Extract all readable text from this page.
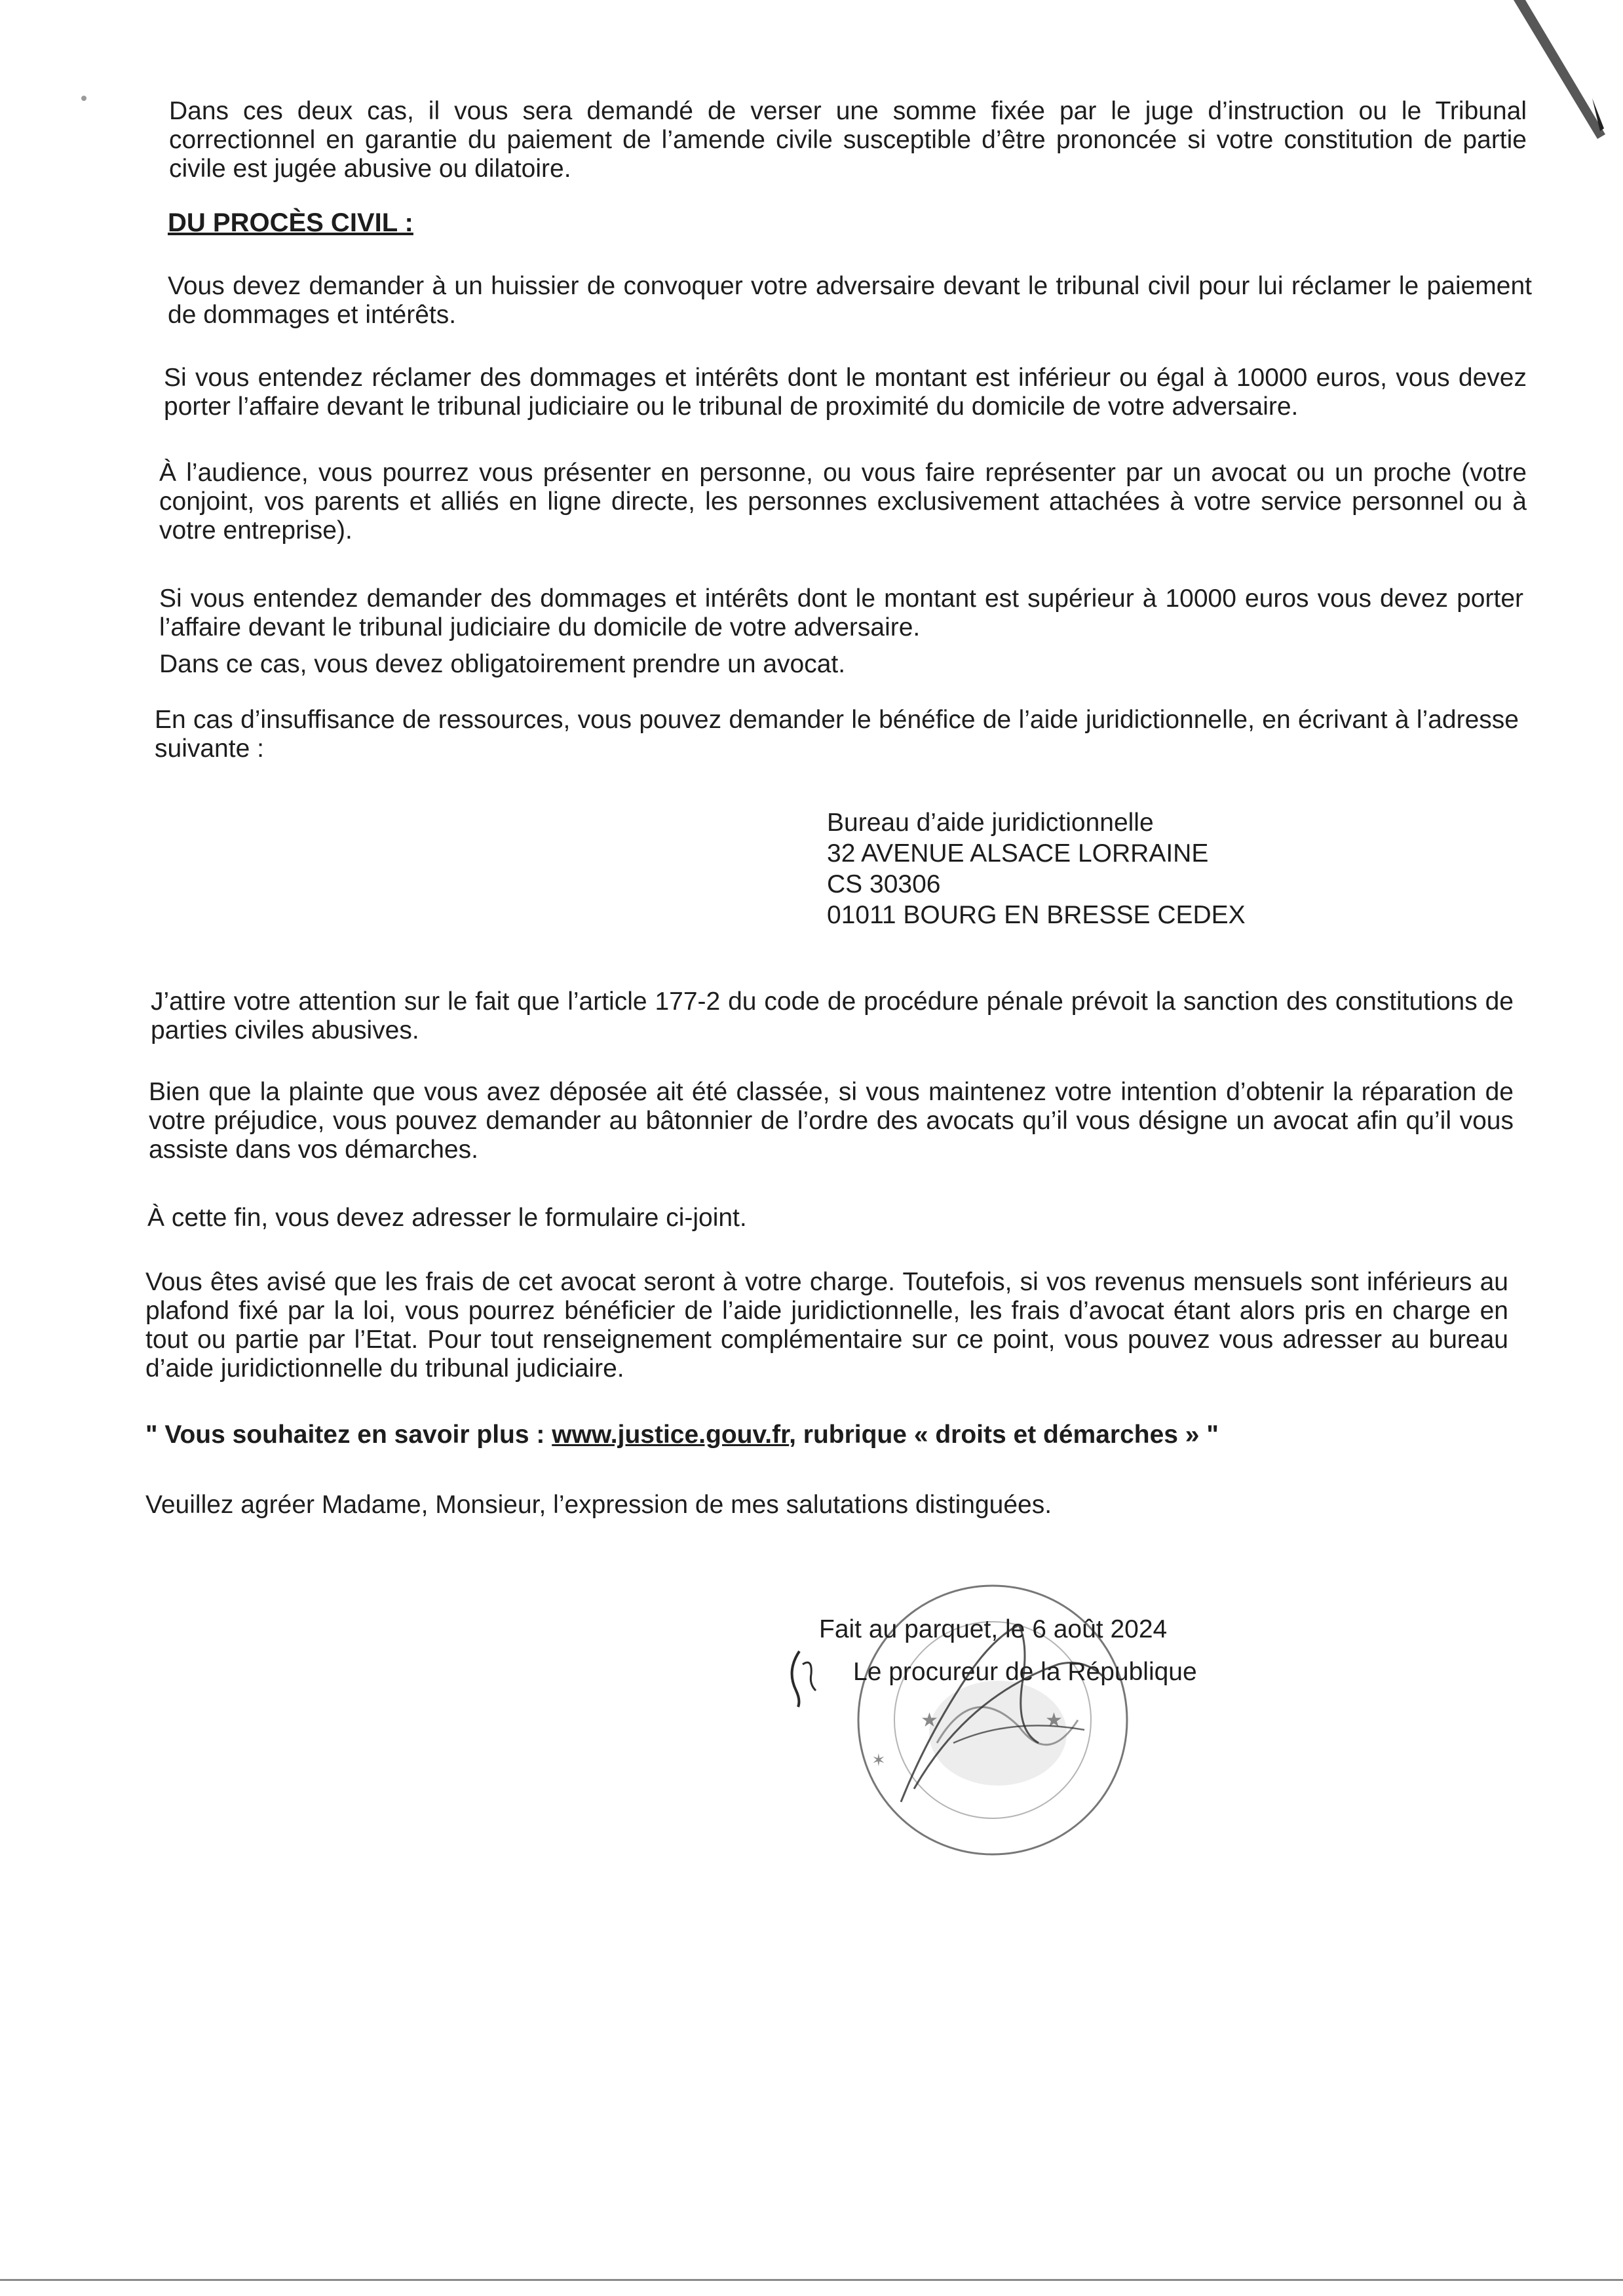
Dans ces deux cas, il vous sera demandé de verser une somme fixée par le juge d’instruction ou le Tribunal correctionnel en garantie du paiement de l’amende civile susceptible d’être prononcée si votre constitution de partie civile est jugée abusive ou dilatoire.

DU PROCÈS CIVIL :

Vous devez demander à un huissier de convoquer votre adversaire devant le tribunal civil pour lui réclamer le paiement de dommages et intérêts.

Si vous entendez réclamer des dommages et intérêts dont le montant est inférieur ou égal à 10000 euros, vous devez porter l’affaire devant le tribunal judiciaire ou le tribunal de proximité du domicile de votre adversaire.

À l’audience, vous pourrez vous présenter en personne, ou vous faire représenter par un avocat ou un proche (votre conjoint, vos parents et alliés en ligne directe, les personnes exclusivement attachées à votre service personnel ou à votre entreprise).

Si vous entendez demander des dommages et intérêts dont le montant est supérieur à 10000 euros vous devez porter l’affaire devant le tribunal judiciaire du domicile de votre adversaire.

Dans ce cas, vous devez obligatoirement prendre un avocat.

En cas d’insuffisance de ressources, vous pouvez demander le bénéfice de l’aide juridictionnelle, en écrivant à l’adresse suivante :

Bureau d’aide juridictionnelle
32 AVENUE ALSACE LORRAINE
CS 30306
01011 BOURG EN BRESSE CEDEX

J’attire votre attention sur le fait que l’article 177-2 du code de procédure pénale prévoit la sanction des constitutions de parties civiles abusives.

Bien que la plainte que vous avez déposée ait été classée, si vous maintenez votre intention d’obtenir la réparation de votre préjudice, vous pouvez demander au bâtonnier de l’ordre des avocats qu’il vous désigne un avocat afin qu’il vous assiste dans vos démarches.

À cette fin, vous devez adresser le formulaire ci-joint.

Vous êtes avisé que les frais de cet avocat seront à votre charge. Toutefois, si vos revenus mensuels sont inférieurs au plafond fixé par la loi, vous pourrez bénéficier de l’aide juridictionnelle, les frais d’avocat étant alors pris en charge en tout ou partie par l’Etat. Pour tout renseignement complémentaire sur ce point, vous pouvez vous adresser au bureau d’aide juridictionnelle du tribunal judiciaire.

" Vous souhaitez en savoir plus : www.justice.gouv.fr, rubrique « droits et démarches » "
Veuillez agréer Madame, Monsieur, l’expression de mes salutations distinguées.
★	★
✶
Fait au parquet, le 6 août 2024
Le procureur de la République
